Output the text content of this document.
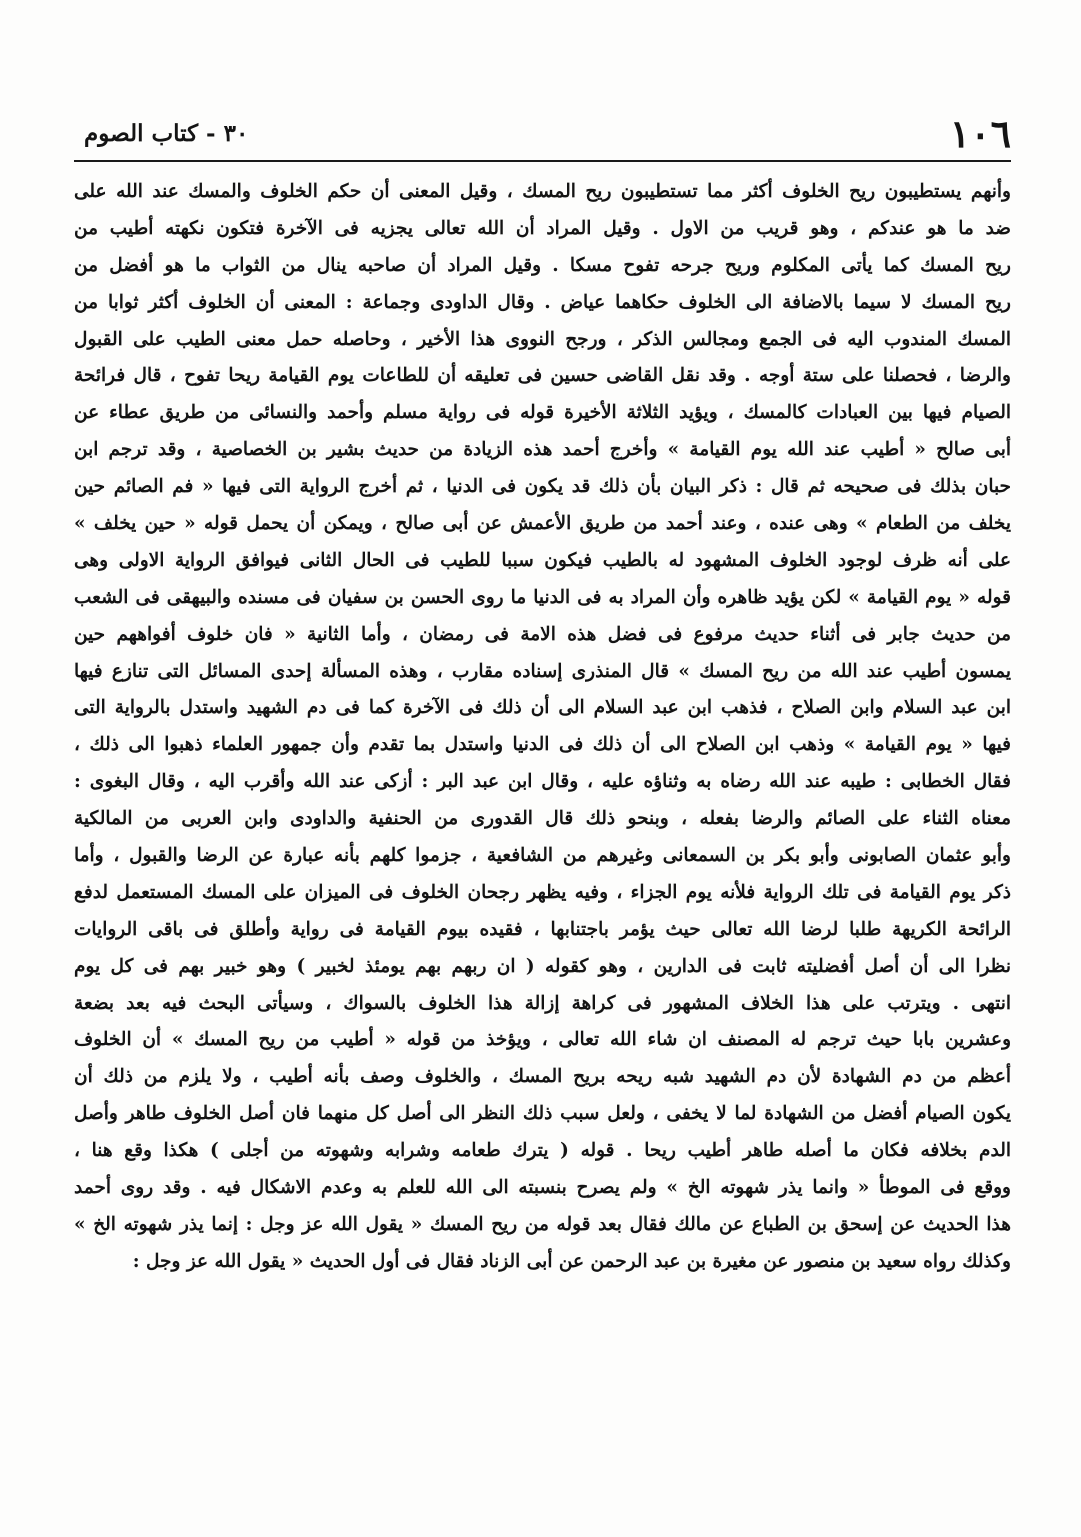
١٠٦
٣٠ - كتاب الصوم
وأنهم يستطيبون ريح الخلوف أكثر مما تستطيبون ريح المسك ، وقيل المعنى أن حكم الخلوف والمسك عند الله على
ضد ما هو عندكم ، وهو قريب من الاول . وقيل المراد أن الله تعالى يجزيه فى الآخرة فتكون نكهته أطيب من
ريح المسك كما يأتى المكلوم وريح جرحه تفوح مسكا . وقيل المراد أن صاحبه ينال من الثواب ما هو أفضل من
ريح المسك لا سيما بالاضافة الى الخلوف حكاهما عياض . وقال الداودى وجماعة : المعنى أن الخلوف أكثر ثوابا من
المسك المندوب اليه فى الجمع ومجالس الذكر ، ورجح النووى هذا الأخير ، وحاصله حمل معنى الطيب على القبول
والرضا ، فحصلنا على ستة أوجه . وقد نقل القاضى حسين فى تعليقه أن للطاعات يوم القيامة ريحا تفوح ، قال فرائحة
الصيام فيها بين العبادات كالمسك ، ويؤيد الثلاثة الأخيرة قوله فى رواية مسلم وأحمد والنسائى من طريق عطاء عن
أبى صالح « أطيب عند الله يوم القيامة » وأخرج أحمد هذه الزيادة من حديث بشير بن الخصاصية ، وقد ترجم ابن
حبان بذلك فى صحيحه ثم قال : ذكر البيان بأن ذلك قد يكون فى الدنيا ، ثم أخرج الرواية التى فيها « فم الصائم حين
يخلف من الطعام » وهى عنده ، وعند أحمد من طريق الأعمش عن أبى صالح ، ويمكن أن يحمل قوله « حين يخلف »
على أنه ظرف لوجود الخلوف المشهود له بالطيب فيكون سببا للطيب فى الحال الثانى فيوافق الرواية الاولى وهى
قوله « يوم القيامة » لكن يؤيد ظاهره وأن المراد به فى الدنيا ما روى الحسن بن سفيان فى مسنده والبيهقى فى الشعب
من حديث جابر فى أثناء حديث مرفوع فى فضل هذه الامة فى رمضان ، وأما الثانية « فان خلوف أفواههم حين
يمسون أطيب عند الله من ريح المسك » قال المنذرى إسناده مقارب ، وهذه المسألة إحدى المسائل التى تنازع فيها
ابن عبد السلام وابن الصلاح ، فذهب ابن عبد السلام الى أن ذلك فى الآخرة كما فى دم الشهيد واستدل بالرواية التى
فيها « يوم القيامة » وذهب ابن الصلاح الى أن ذلك فى الدنيا واستدل بما تقدم وأن جمهور العلماء ذهبوا الى ذلك ،
فقال الخطابى : طيبه عند الله رضاه به وثناؤه عليه ، وقال ابن عبد البر : أزكى عند الله وأقرب اليه ، وقال البغوى :
معناه الثناء على الصائم والرضا بفعله ، وبنحو ذلك قال القدورى من الحنفية والداودى وابن العربى من المالكية
وأبو عثمان الصابونى وأبو بكر بن السمعانى وغيرهم من الشافعية ، جزموا كلهم بأنه عبارة عن الرضا والقبول ، وأما
ذكر يوم القيامة فى تلك الرواية فلأنه يوم الجزاء ، وفيه يظهر رجحان الخلوف فى الميزان على المسك المستعمل لدفع
الرائحة الكريهة طلبا لرضا الله تعالى حيث يؤمر باجتنابها ، فقيده بيوم القيامة فى رواية وأطلق فى باقى الروايات
نظرا الى أن أصل أفضليته ثابت فى الدارين ، وهو كقوله ( ان ربهم بهم يومئذ لخبير ) وهو خبير بهم فى كل يوم
انتهى . ويترتب على هذا الخلاف المشهور فى كراهة إزالة هذا الخلوف بالسواك ، وسيأتى البحث فيه بعد بضعة
وعشرين بابا حيث ترجم له المصنف ان شاء الله تعالى ، ويؤخذ من قوله « أطيب من ريح المسك » أن الخلوف
أعظم من دم الشهادة لأن دم الشهيد شبه ريحه بريح المسك ، والخلوف وصف بأنه أطيب ، ولا يلزم من ذلك أن
يكون الصيام أفضل من الشهادة لما لا يخفى ، ولعل سبب ذلك النظر الى أصل كل منهما فان أصل الخلوف طاهر وأصل
الدم بخلافه فكان ما أصله طاهر أطيب ريحا . قوله ( يترك طعامه وشرابه وشهوته من أجلى ) هكذا وقع هنا ،
ووقع فى الموطأ « وانما يذر شهوته الخ » ولم يصرح بنسبته الى الله للعلم به وعدم الاشكال فيه . وقد روى أحمد
هذا الحديث عن إسحق بن الطباع عن مالك فقال بعد قوله من ريح المسك « يقول الله عز وجل : إنما يذر شهوته الخ »
وكذلك رواه سعيد بن منصور عن مغيرة بن عبد الرحمن عن أبى الزناد فقال فى أول الحديث « يقول الله عز وجل :
